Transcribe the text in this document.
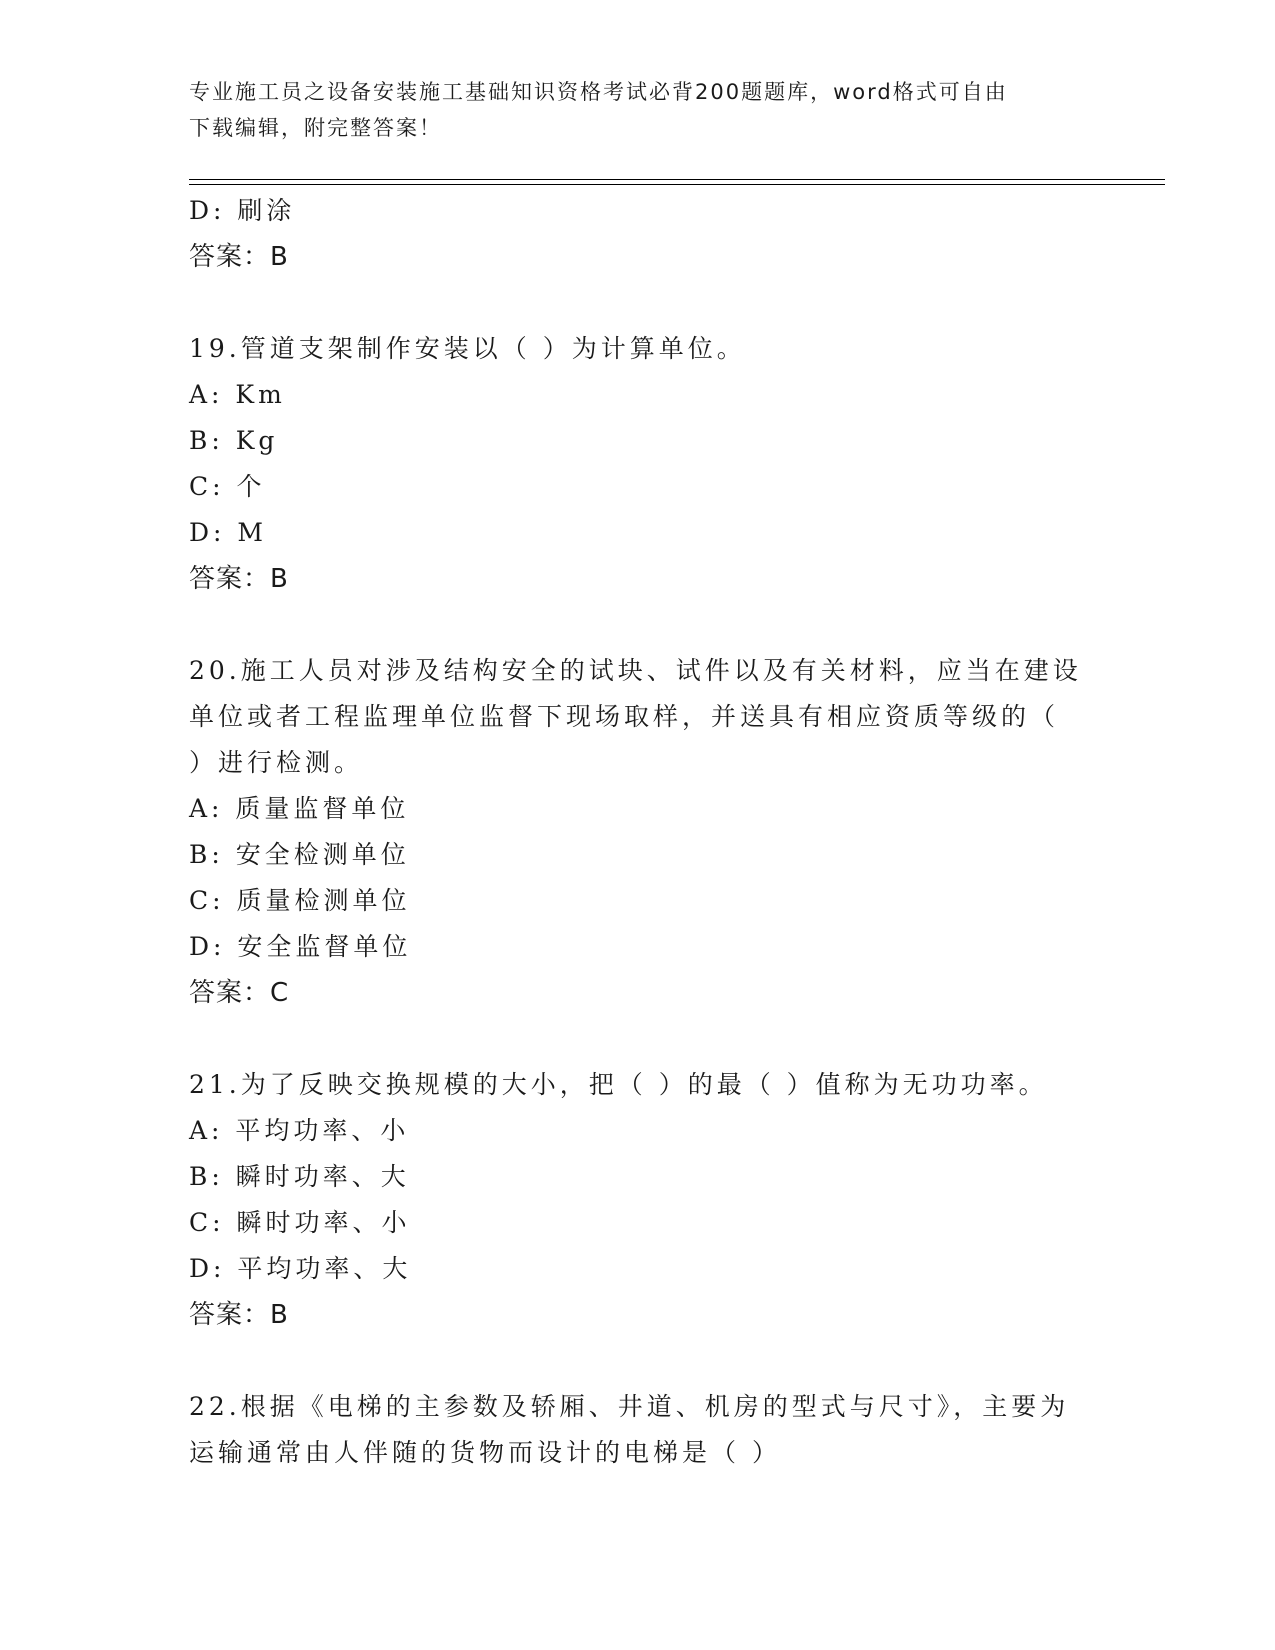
专业施工员之设备安装施工基础知识资格考试必背200题题库，word格式可自由
下载编辑，附完整答案！
D: 刷涂
答案：B
19.管道支架制作安装以（ ）为计算单位。
A: Km
B: Kg
C: 个
D: M
答案：B
20.施工人员对涉及结构安全的试块、试件以及有关材料，应当在建设
单位或者工程监理单位监督下现场取样，并送具有相应资质等级的（
）进行检测。
A: 质量监督单位
B: 安全检测单位
C: 质量检测单位
D: 安全监督单位
答案：C
21.为了反映交换规模的大小，把（ ）的最（ ）值称为无功功率。
A: 平均功率、小
B: 瞬时功率、大
C: 瞬时功率、小
D: 平均功率、大
答案：B
22.根据《电梯的主参数及轿厢、井道、机房的型式与尺寸》，主要为
运输通常由人伴随的货物而设计的电梯是（ ）
